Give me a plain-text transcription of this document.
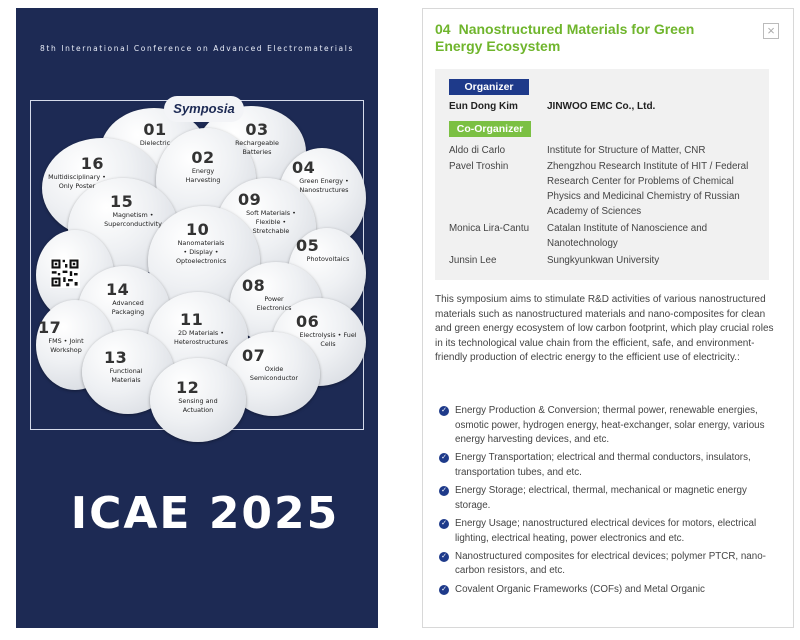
8th International Conference on Advanced Electromaterials
Symposia
01
Dielectric
02
Energy Harvesting
03
Rechargeable Batteries
04
Green Energy • Nanostructures
05
Photovoltaics
06
Electrolysis • Fuel Cells
07
Oxide Semiconductor
08
Power Electronics
09
Soft Materials • Flexible • Stretchable
10
Nanomaterials • Display • Optoelectronics
11
2D Materials • Heterostructures
12
Sensing and Actuation
13
Functional Materials
14
Advanced Packaging
15
Magnetism • Superconductivity
16
Multidisciplinary • Only Poster
17
FMS • Joint Workshop
ICAE 2025
04 Nanostructured Materials for Green Energy Ecosystem
×
Organizer
Eun Dong Kim	JINWOO EMC Co., Ltd.
Co-Organizer
Aldo di Carlo	Institute for Structure of Matter, CNR
Pavel Troshin	Zhengzhou Research Institute of HIT / Federal Research Center for Problems of Chemical Physics and Medicinal Chemistry of Russian Academy of Sciences
Monica Lira-Cantu	Catalan Institute of Nanoscience and Nanotechnology
Junsin Lee	Sungkyunkwan University
This symposium aims to stimulate R&D activities of various nanostructured materials such as nanostructured materials and nano-composites for clean and green energy ecosystem of low carbon footprint, which play crucial roles in its technological value chain from the efficient, safe, and environment-friendly production of electric energy to the efficient use of electricity.:
✓ Energy Production & Conversion; thermal power, renewable energies, osmotic power, hydrogen energy, heat-exchanger, solar energy, various energy harvesting devices, and etc.
✓ Energy Transportation; electrical and thermal conductors, insulators, transportation tubes, and etc.
✓ Energy Storage; electrical, thermal, mechanical or magnetic energy storage.
✓ Energy Usage; nanostructured electrical devices for motors, electrical lighting, electrical heating, power electronics and etc.
✓ Nanostructured composites for electrical devices; polymer PTCR, nano-carbon resistors, and etc.
✓ Covalent Organic Frameworks (COFs) and Metal Organic
